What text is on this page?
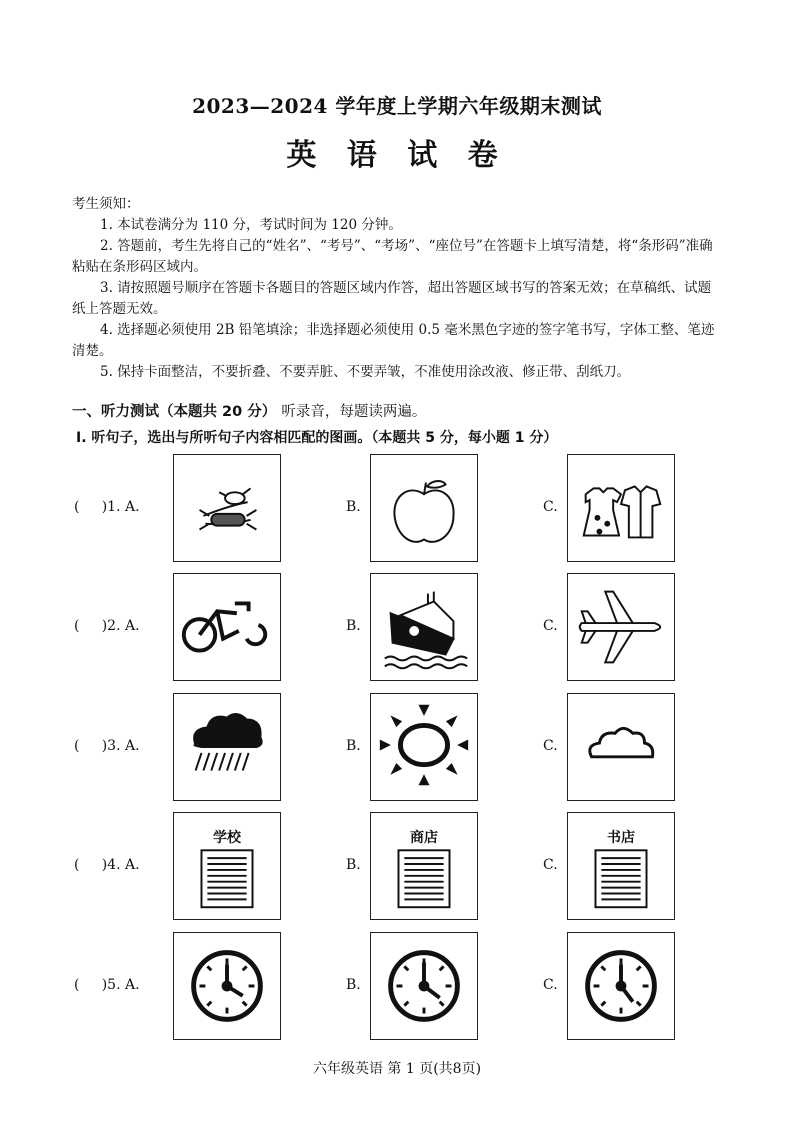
2023—2024 学年度上学期六年级期末测试
英 语 试 卷

考生须知：

1. 本试卷满分为 110 分，考试时间为 120 分钟。

2. 答题前，考生先将自己的“姓名”、“考号”、“考场”、“座位号”在答题卡上填写清楚，将“条形码”准确粘贴在条形码区域内。

3. 请按照题号顺序在答题卡各题目的答题区域内作答，超出答题区域书写的答案无效；在草稿纸、试题纸上答题无效。

4. 选择题必须使用 2B 铅笔填涂；非选择题必须使用 0.5 毫米黑色字迹的签字笔书写，字体工整、笔迹清楚。

5. 保持卡面整洁，不要折叠、不要弄脏、不要弄皱，不准使用涂改液、修正带、刮纸刀。

一、听力测试（本题共 20 分） 听录音，每题读两遍。
Ⅰ. 听句子，选出与所听句子内容相匹配的图画。（本题共 5 分，每小题 1 分）
(     )1. A.	B.	C.
(     )2. A.	B.	C.
(     )3. A.	B.	C.
(     )4. A.
学校
B.
商店
C.
书店
(     )5. A.	B.	C.
六年级英语 第 1 页(共8页)
